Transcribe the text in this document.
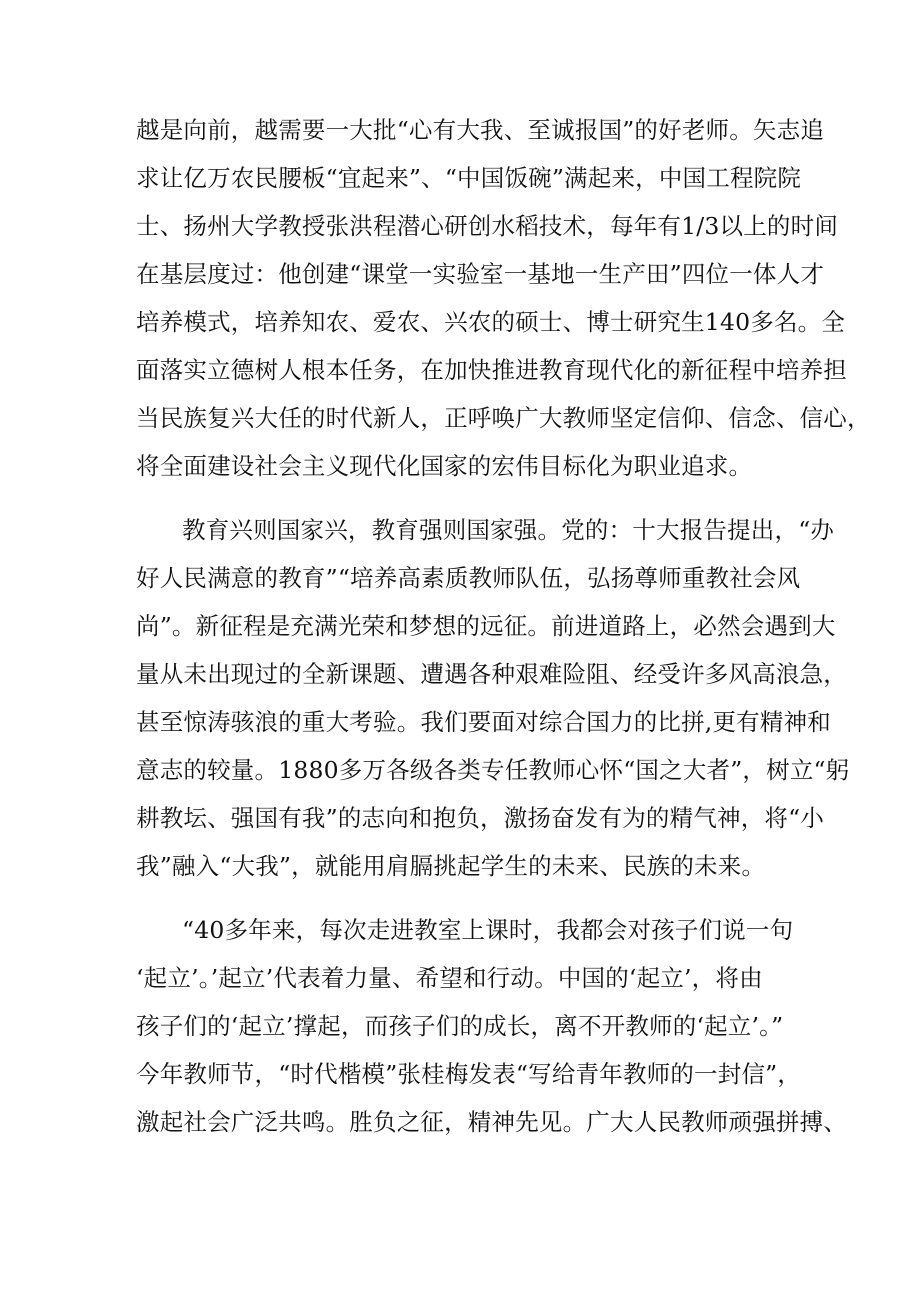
越是向前，越需要一大批“心有大我、至诚报国”的好老师。矢志追
求让亿万农民腰板“宜起来”、“中国饭碗”满起来，中国工程院院
士、扬州大学教授张洪程潜心研创水稻技术，每年有1/3以上的时间
在基层度过：他创建“课堂一实验室一基地一生产田”四位一体人才
培养模式，培养知农、爱农、兴农的硕士、博士研究生140多名。全
面落实立德树人根本任务，在加快推进教育现代化的新征程中培养担
当民族复兴大任的时代新人，正呼唤广大教师坚定信仰、信念、信心，
将全面建设社会主义现代化国家的宏伟目标化为职业追求。
教育兴则国家兴，教育强则国家强。党的：十大报告提出，“办
好人民满意的教育”“培养高素质教师队伍，弘扬尊师重教社会风
尚”。新征程是充满光荣和梦想的远征。前进道路上，必然会遇到大
量从未出现过的全新课题、遭遇各种艰难险阻、经受许多风高浪急，
甚至惊涛骇浪的重大考验。我们要面对综合国力的比拼,更有精神和
意志的较量。1880多万各级各类专任教师心怀“国之大者”，树立“躬
耕教坛、强国有我”的志向和抱负，激扬奋发有为的精气神，将“小
我”融入“大我”，就能用肩膈挑起学生的未来、民族的未来。
“40多年来，每次走进教室上课时，我都会对孩子们说一句
‘起立’。’起立’代表着力量、希望和行动。中国的‘起立’，将由
孩子们的‘起立’撑起，而孩子们的成长，离不开教师的‘起立’。”
今年教师节，“时代楷模”张桂梅发表“写给青年教师的一封信”，
激起社会广泛共鸣。胜负之征，精神先见。广大人民教师顽强拼搏、
